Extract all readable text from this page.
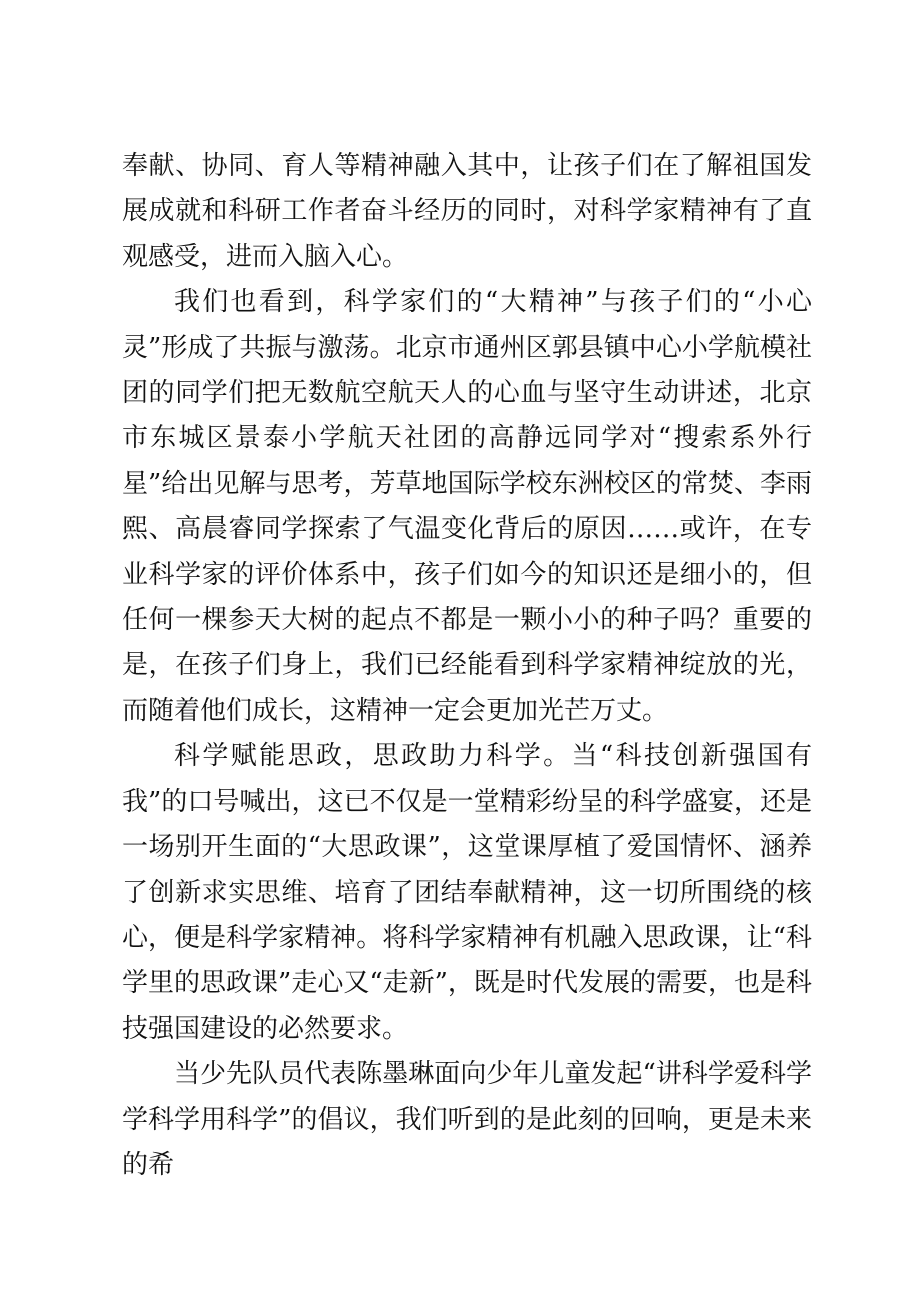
奉献、协同、育人等精神融入其中，让孩子们在了解祖国发展成就和科研工作者奋斗经历的同时，对科学家精神有了直观感受，进而入脑入心。

我们也看到，科学家们的“大精神”与孩子们的“小心灵”形成了共振与激荡。北京市通州区郭县镇中心小学航模社团的同学们把无数航空航天人的心血与坚守生动讲述，北京市东城区景泰小学航天社团的高静远同学对“搜索系外行星”给出见解与思考，芳草地国际学校东洲校区的常焚、李雨熙、高晨睿同学探索了气温变化背后的原因……或许，在专业科学家的评价体系中，孩子们如今的知识还是细小的，但任何一棵参天大树的起点不都是一颗小小的种子吗？重要的是，在孩子们身上，我们已经能看到科学家精神绽放的光，而随着他们成长，这精神一定会更加光芒万丈。

科学赋能思政，思政助力科学。当“科技创新强国有我”的口号喊出，这已不仅是一堂精彩纷呈的科学盛宴，还是一场别开生面的“大思政课”，这堂课厚植了爱国情怀、涵养了创新求实思维、培育了团结奉献精神，这一切所围绕的核心，便是科学家精神。将科学家精神有机融入思政课，让“科学里的思政课”走心又“走新”，既是时代发展的需要，也是科技强国建设的必然要求。

当少先队员代表陈墨琳面向少年儿童发起“讲科学爱科学学科学用科学”的倡议，我们听到的是此刻的回响，更是未来的希
